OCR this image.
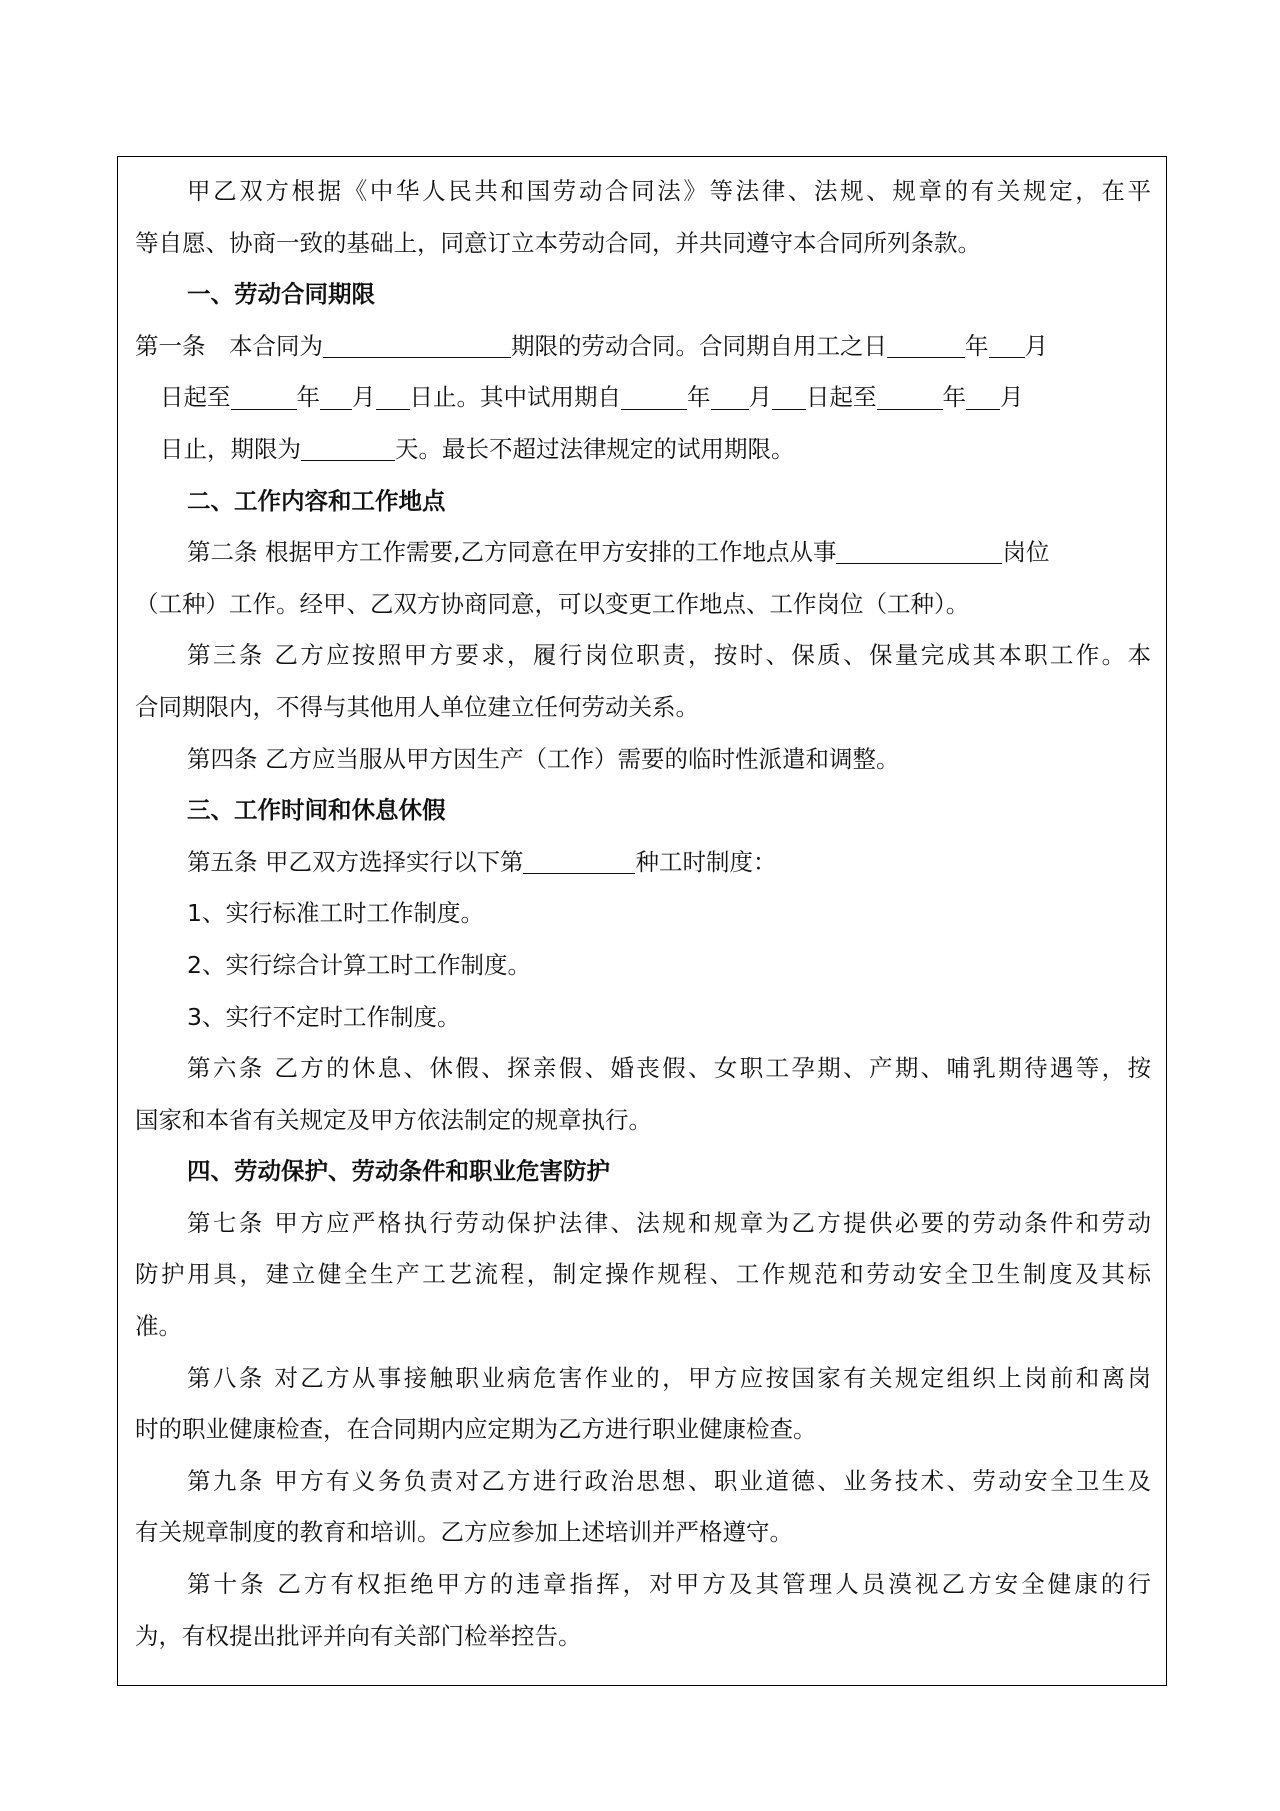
甲乙双方根据《中华人民共和国劳动合同法》等法律、法规、规章的有关规定，在平
等自愿、协商一致的基础上，同意订立本劳动合同，并共同遵守本合同所列条款。
一、劳动合同期限
第一条　本合同为	期限的劳动合同。合同期自用工之日	年 月
日起至	年 月 日止。其中试用期自	年 月 日起至	年 月
日止，期限为	天。最长不超过法律规定的试用期限。
二、工作内容和工作地点
第二条 根据甲方工作需要,乙方同意在甲方安排的工作地点从事	岗位
（工种）工作。经甲、乙双方协商同意，可以变更工作地点、工作岗位（工种）。
第三条 乙方应按照甲方要求，履行岗位职责，按时、保质、保量完成其本职工作。本
合同期限内，不得与其他用人单位建立任何劳动关系。
第四条 乙方应当服从甲方因生产（工作）需要的临时性派遣和调整。
三、工作时间和休息休假
第五条 甲乙双方选择实行以下第	种工时制度：
1、实行标准工时工作制度。
2、实行综合计算工时工作制度。
3、实行不定时工作制度。
第六条 乙方的休息、休假、探亲假、婚丧假、女职工孕期、产期、哺乳期待遇等，按
国家和本省有关规定及甲方依法制定的规章执行。
四、劳动保护、劳动条件和职业危害防护
第七条 甲方应严格执行劳动保护法律、法规和规章为乙方提供必要的劳动条件和劳动
防护用具，建立健全生产工艺流程，制定操作规程、工作规范和劳动安全卫生制度及其标
准。
第八条 对乙方从事接触职业病危害作业的，甲方应按国家有关规定组织上岗前和离岗
时的职业健康检查，在合同期内应定期为乙方进行职业健康检查。
第九条 甲方有义务负责对乙方进行政治思想、职业道德、业务技术、劳动安全卫生及
有关规章制度的教育和培训。乙方应参加上述培训并严格遵守。
第十条 乙方有权拒绝甲方的违章指挥，对甲方及其管理人员漠视乙方安全健康的行
为，有权提出批评并向有关部门检举控告。
